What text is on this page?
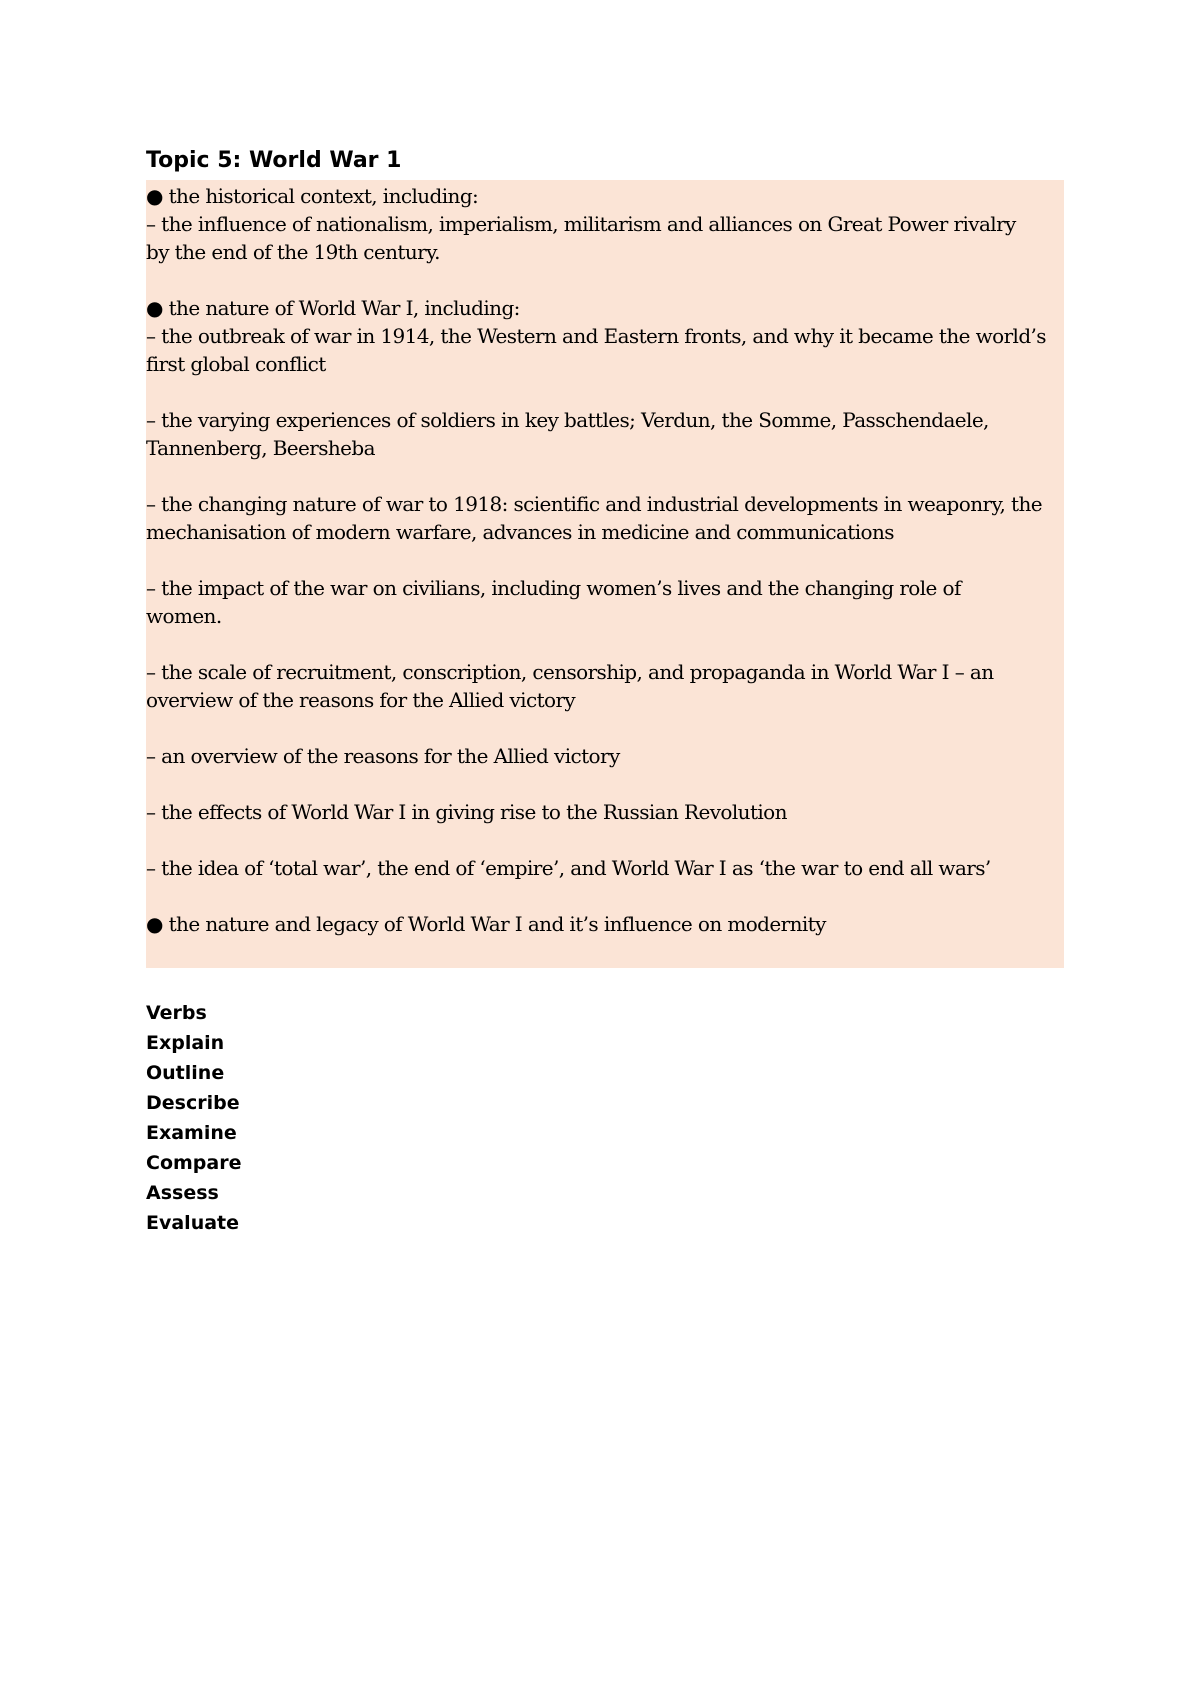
Topic 5: World War 1

● the historical context, including:
– the influence of nationalism, imperialism, militarism and alliances on Great Power rivalry
by the end of the 19th century.

● the nature of World War I, including:
– the outbreak of war in 1914, the Western and Eastern fronts, and why it became the world’s
first global conflict

– the varying experiences of soldiers in key battles; Verdun, the Somme, Passchendaele,
Tannenberg, Beersheba

– the changing nature of war to 1918: scientific and industrial developments in weaponry, the
mechanisation of modern warfare, advances in medicine and communications

– the impact of the war on civilians, including women’s lives and the changing role of
women.

– the scale of recruitment, conscription, censorship, and propaganda in World War I – an
overview of the reasons for the Allied victory

– an overview of the reasons for the Allied victory

– the effects of World War I in giving rise to the Russian Revolution

– the idea of ‘total war’, the end of ‘empire’, and World War I as ‘the war to end all wars’

● the nature and legacy of World War I and it’s influence on modernity

Verbs
Explain
Outline
Describe
Examine
Compare
Assess
Evaluate
